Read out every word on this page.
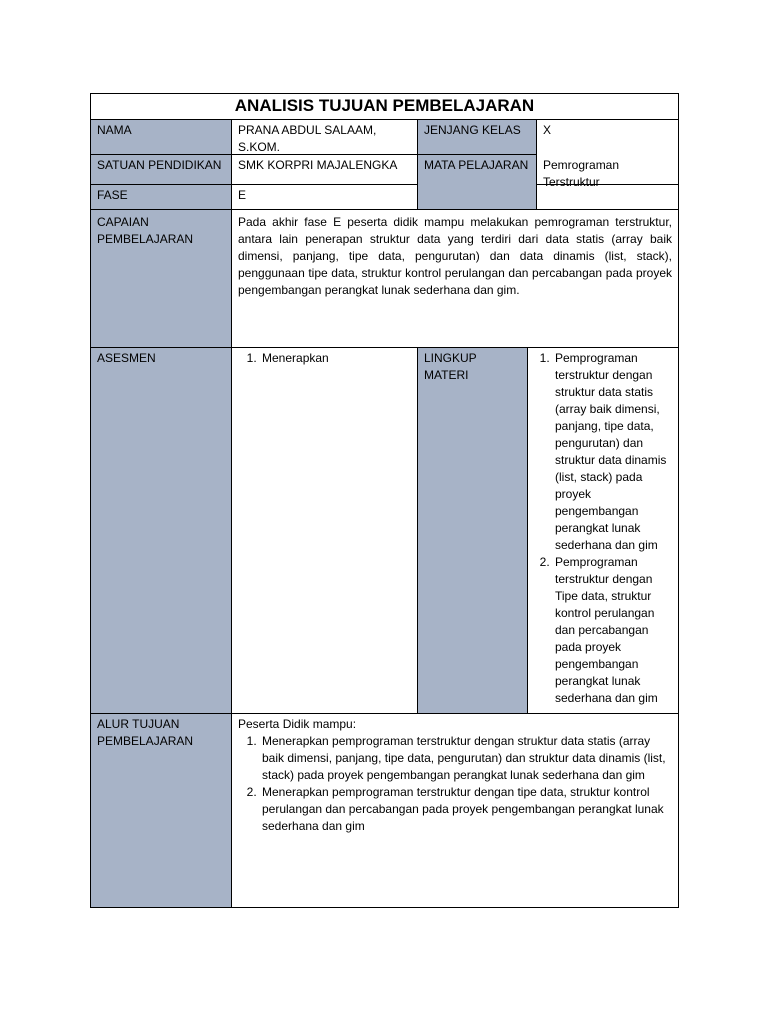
ANALISIS TUJUAN PEMBELAJARAN
NAMA	PRANA ABDUL SALAAM, S.KOM.
JENJANG KELAS	X
SATUAN PENDIDIKAN	SMK KORPRI MAJALENGKA	MATA PELAJARAN	Pemrograman Terstruktur
FASE	E
CAPAIAN PEMBELAJARAN
Pada akhir fase E peserta didik mampu melakukan pemrograman terstruktur, antara lain penerapan struktur data yang terdiri dari data statis (array baik dimensi, panjang, tipe data, pengurutan) dan data dinamis (list, stack), penggunaan tipe data, struktur kontrol perulangan dan percabangan pada proyek pengembangan perangkat lunak sederhana dan gim.
ASESMEN
1.	Menerapkan	LINGKUP MATERI
1. Pemprograman terstruktur dengan struktur data statis (array baik dimensi, panjang, tipe data, pengurutan) dan struktur data dinamis (list, stack) pada proyek pengembangan perangkat lunak sederhana dan gim
2. Pemprograman terstruktur dengan Tipe data, struktur kontrol perulangan dan percabangan pada proyek pengembangan perangkat lunak sederhana dan gim
ALUR TUJUAN PEMBELAJARAN
Peserta Didik mampu:
1. Menerapkan pemprograman terstruktur dengan struktur data statis (array baik dimensi, panjang, tipe data, pengurutan) dan struktur data dinamis (list, stack) pada proyek pengembangan perangkat lunak sederhana dan gim
2. Menerapkan pemprograman terstruktur dengan tipe data, struktur kontrol perulangan dan percabangan pada proyek pengembangan perangkat lunak sederhana dan gim
